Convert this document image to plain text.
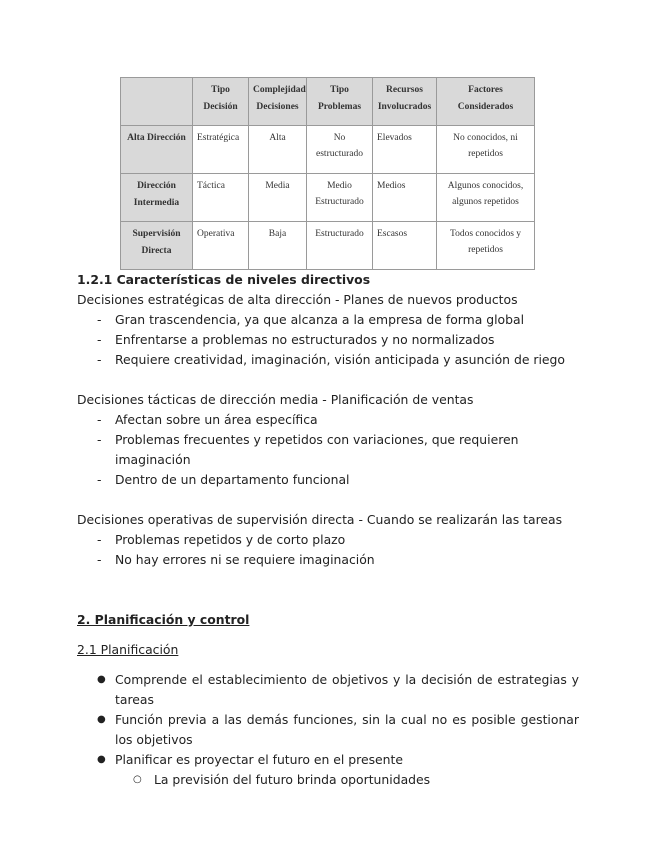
	Tipo Decisión	Complejidad Decisiones	Tipo Problemas	Recursos Involucrados	Factores Considerados
Alta Dirección	Estratégica	Alta	No estructurado	Elevados	No conocidos, ni repetidos
Dirección Intermedia	Táctica	Media	Medio Estructurado	Medios	Algunos conocidos, algunos repetidos
Supervisión Directa	Operativa	Baja	Estructurado	Escasos	Todos conocidos y repetidos

1.2.1 Características de niveles directivos

Decisiones estratégicas de alta dirección - Planes de nuevos productos

- Gran trascendencia, ya que alcanza a la empresa de forma global
- Enfrentarse a problemas no estructurados y no normalizados
- Requiere creatividad, imaginación, visión anticipada y asunción de riego

Decisiones tácticas de dirección media - Planificación de ventas

- Afectan sobre un área específica
- Problemas frecuentes y repetidos con variaciones, que requieren imaginación
- Dentro de un departamento funcional

Decisiones operativas de supervisión directa - Cuando se realizarán las tareas

- Problemas repetidos y de corto plazo
- No hay errores ni se requiere imaginación

2. Planificación y control

2.1 Planificación

● Comprende el establecimiento de objetivos y la decisión de estrategias y tareas
● Función previa a las demás funciones, sin la cual no es posible gestionar los objetivos
● Planificar es proyectar el futuro en el presente
○ La previsión del futuro brinda oportunidades
